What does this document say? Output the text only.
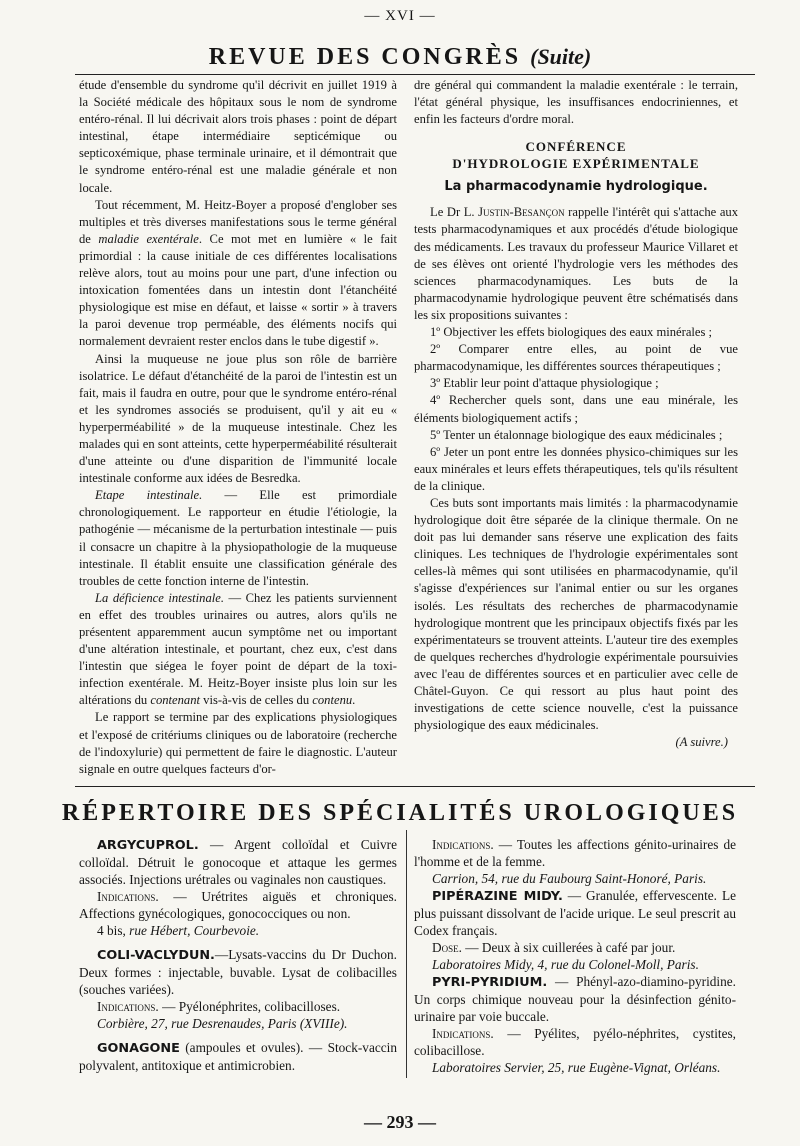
— XVI —
REVUE DES CONGRÈS (Suite)

étude d'ensemble du syndrome qu'il décrivit en juillet 1919 à la Société médicale des hôpitaux sous le nom de syndrome entéro-rénal. Il lui décrivait alors trois phases : point de départ intestinal, étape intermédiaire septicémique ou septicoxémique, phase terminale urinaire, et il démontrait que le syndrome entéro-rénal est une maladie générale et non locale.

Tout récemment, M. Heitz-Boyer a proposé d'englober ses multiples et très diverses manifestations sous le terme général de maladie exentérale. Ce mot met en lumière « le fait primordial : la cause initiale de ces différentes localisations relève alors, tout au moins pour une part, d'une infection ou intoxication fomentées dans un intestin dont l'étanchéité physiologique est mise en défaut, et laisse « sortir » à travers la paroi devenue trop perméable, des éléments nocifs qui normalement devraient rester enclos dans le tube digestif ».

Ainsi la muqueuse ne joue plus son rôle de barrière isolatrice. Le défaut d'étanchéité de la paroi de l'intestin est un fait, mais il faudra en outre, pour que le syndrome entéro-rénal et les syndromes associés se produisent, qu'il y ait eu « hyperperméabilité » de la muqueuse intestinale. Chez les malades qui en sont atteints, cette hyperperméabilité résulterait d'une atteinte ou d'une disparition de l'immunité locale intestinale conforme aux idées de Besredka.

Etape intestinale. — Elle est primordiale chronologiquement. Le rapporteur en étudie l'étiologie, la pathogénie — mécanisme de la perturbation intestinale — puis il consacre un chapitre à la physiopathologie de la muqueuse intestinale. Il établit ensuite une classification générale des troubles de cette fonction interne de l'intestin.

La déficience intestinale. — Chez les patients surviennent en effet des troubles urinaires ou autres, alors qu'ils ne présentent apparemment aucun symptôme net ou important d'une altération intestinale, et pourtant, chez eux, c'est dans l'intestin que siégea le foyer point de départ de la toxi-infection exentérale. M. Heitz-Boyer insiste plus loin sur les altérations du contenant vis-à-vis de celles du contenu.

Le rapport se termine par des explications physiologiques et l'exposé de critériums cliniques ou de laboratoire (recherche de l'indoxylurie) qui permettent de faire le diagnostic. L'auteur signale en outre quelques facteurs d'or-

dre général qui commandent la maladie exentérale : le terrain, l'état général physique, les insuffisances endocriniennes, et enfin les facteurs d'ordre moral.

CONFÉRENCE
D'HYDROLOGIE EXPÉRIMENTALE
La pharmacodynamie hydrologique.

Le Dr L. Justin-Besançon rappelle l'intérêt qui s'attache aux tests pharmacodynamiques et aux procédés d'étude biologique des médicaments. Les travaux du professeur Maurice Villaret et de ses élèves ont orienté l'hydrologie vers les méthodes des sciences pharmacodynamiques. Les buts de la pharmacodynamie hydrologique peuvent être schématisés dans les six propositions suivantes :

1º Objectiver les effets biologiques des eaux minérales ;

2º Comparer entre elles, au point de vue pharmacodynamique, les différentes sources thérapeutiques ;

3º Etablir leur point d'attaque physiologique ;

4º Rechercher quels sont, dans une eau minérale, les éléments biologiquement actifs ;

5º Tenter un étalonnage biologique des eaux médicinales ;

6º Jeter un pont entre les données physico-chimiques sur les eaux minérales et leurs effets thérapeutiques, tels qu'ils résultent de la clinique.

Ces buts sont importants mais limités : la pharmacodynamie hydrologique doit être séparée de la clinique thermale. On ne doit pas lui demander sans réserve une explication des faits cliniques. Les techniques de l'hydrologie expérimentales sont celles-là mêmes qui sont utilisées en pharmacodynamie, qu'il s'agisse d'expériences sur l'animal entier ou sur les organes isolés. Les résultats des recherches de pharmacodynamie hydrologique montrent que les principaux objectifs fixés par les expérimentateurs se trouvent atteints. L'auteur tire des exemples de quelques recherches d'hydrologie expérimentale poursuivies avec l'eau de différentes sources et en particulier avec celle de Châtel-Guyon. Ce qui ressort au plus haut point des investigations de cette science nouvelle, c'est la puissance physiologique des eaux médicinales.

(A suivre.)
RÉPERTOIRE DES SPÉCIALITÉS UROLOGIQUES

ARGYCUPROL. — Argent colloïdal et Cuivre colloïdal. Détruit le gonocoque et attaque les germes associés. Injections urétrales ou vaginales non caustiques.

Indications. — Urétrites aiguës et chroniques. Affections gynécologiques, gonococciques ou non.

4 bis, rue Hébert, Courbevoie.

COLI-VACLYDUN.—Lysats-vaccins du Dr Duchon. Deux formes : injectable, buvable. Lysat de colibacilles (souches variées).

Indications. — Pyélonéphrites, colibacilloses.

Corbière, 27, rue Desrenaudes, Paris (XVIIIe).

GONAGONE (ampoules et ovules). — Stock-vaccin polyvalent, antitoxique et antimicrobien.

Indications. — Toutes les affections génito-urinaires de l'homme et de la femme.

Carrion, 54, rue du Faubourg Saint-Honoré, Paris.

PIPÉRAZINE MIDY. — Granulée, effervescente. Le plus puissant dissolvant de l'acide urique. Le seul prescrit au Codex français.

Dose. — Deux à six cuillerées à café par jour.

Laboratoires Midy, 4, rue du Colonel-Moll, Paris.

PYRI-PYRIDIUM. — Phényl-azo-diamino-pyridine. Un corps chimique nouveau pour la désinfection génito-urinaire par voie buccale.

Indications. — Pyélites, pyélo-néphrites, cystites, colibacillose.

Laboratoires Servier, 25, rue Eugène-Vignat, Orléans.

— 293 —
